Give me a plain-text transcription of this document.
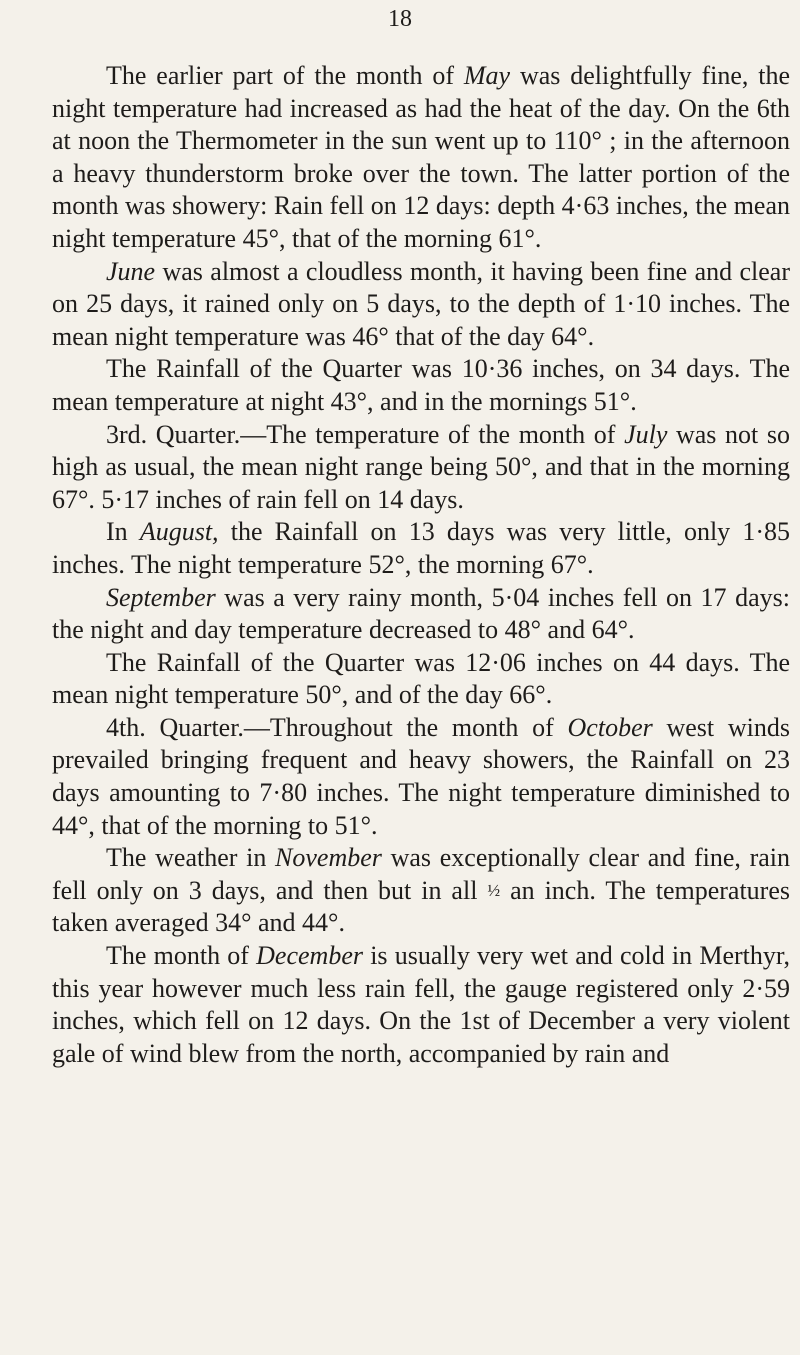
18

The earlier part of the month of May was delightfully fine, the night temperature had increased as had the heat of the day. On the 6th at noon the Thermometer in the sun went up to 110° ; in the afternoon a heavy thunderstorm broke over the town. The latter portion of the month was showery: Rain fell on 12 days: depth 4·63 inches, the mean night temperature 45°, that of the morning 61°.

June was almost a cloudless month, it having been fine and clear on 25 days, it rained only on 5 days, to the depth of 1·10 inches. The mean night temperature was 46° that of the day 64°.

The Rainfall of the Quarter was 10·36 inches, on 34 days. The mean temperature at night 43°, and in the mornings 51°.

3rd. Quarter.—The temperature of the month of July was not so high as usual, the mean night range being 50°, and that in the morning 67°. 5·17 inches of rain fell on 14 days.

In August, the Rainfall on 13 days was very little, only 1·85 inches. The night temperature 52°, the morning 67°.

September was a very rainy month, 5·04 inches fell on 17 days: the night and day temperature decreased to 48° and 64°.

The Rainfall of the Quarter was 12·06 inches on 44 days. The mean night temperature 50°, and of the day 66°.

4th. Quarter.—Throughout the month of October west winds prevailed bringing frequent and heavy showers, the Rainfall on 23 days amounting to 7·80 inches. The night temperature diminished to 44°, that of the morning to 51°.

The weather in November was exceptionally clear and fine, rain fell only on 3 days, and then but in all ½ an inch. The temperatures taken averaged 34° and 44°.

The month of December is usually very wet and cold in Merthyr, this year however much less rain fell, the gauge registered only 2·59 inches, which fell on 12 days. On the 1st of December a very violent gale of wind blew from the north, accompanied by rain and
